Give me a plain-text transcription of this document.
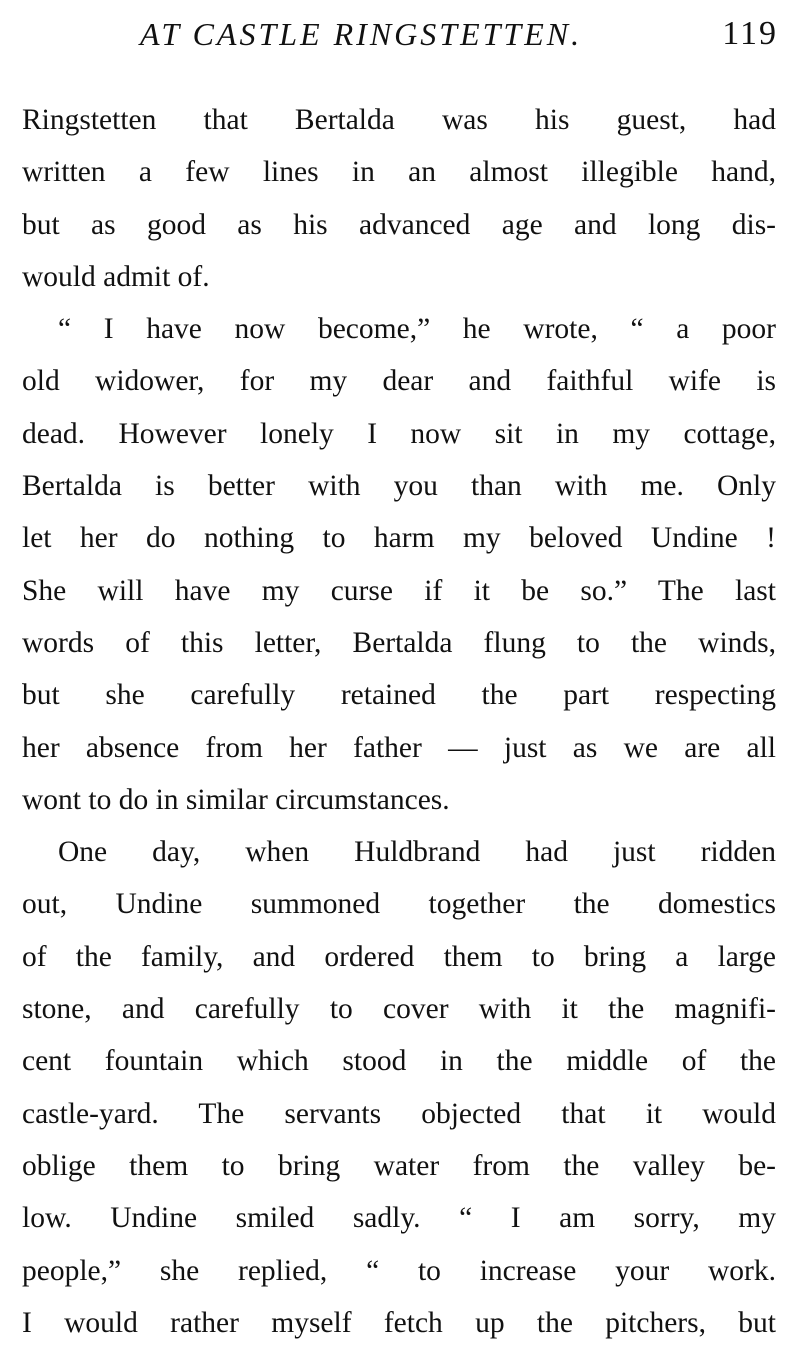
AT CASTLE RINGSTETTEN.	119
Ringstetten that Bertalda was his guest, had
written a few lines in an almost illegible hand,
but as good as his advanced age and long dis-
would admit of.
“ I have now become,” he wrote, “ a poor
old widower, for my dear and faithful wife is
dead. However lonely I now sit in my cottage,
Bertalda is better with you than with me. Only
let her do nothing to harm my beloved Undine !
She will have my curse if it be so.” The last
words of this letter, Bertalda flung to the winds,
but she carefully retained the part respecting
her absence from her father — just as we are all
wont to do in similar circumstances.
One day, when Huldbrand had just ridden
out, Undine summoned together the domestics
of the family, and ordered them to bring a large
stone, and carefully to cover with it the magnifi-
cent fountain which stood in the middle of the
castle-yard. The servants objected that it would
oblige them to bring water from the valley be-
low. Undine smiled sadly. “ I am sorry, my
people,” she replied, “ to increase your work.
I would rather myself fetch up the pitchers, but
